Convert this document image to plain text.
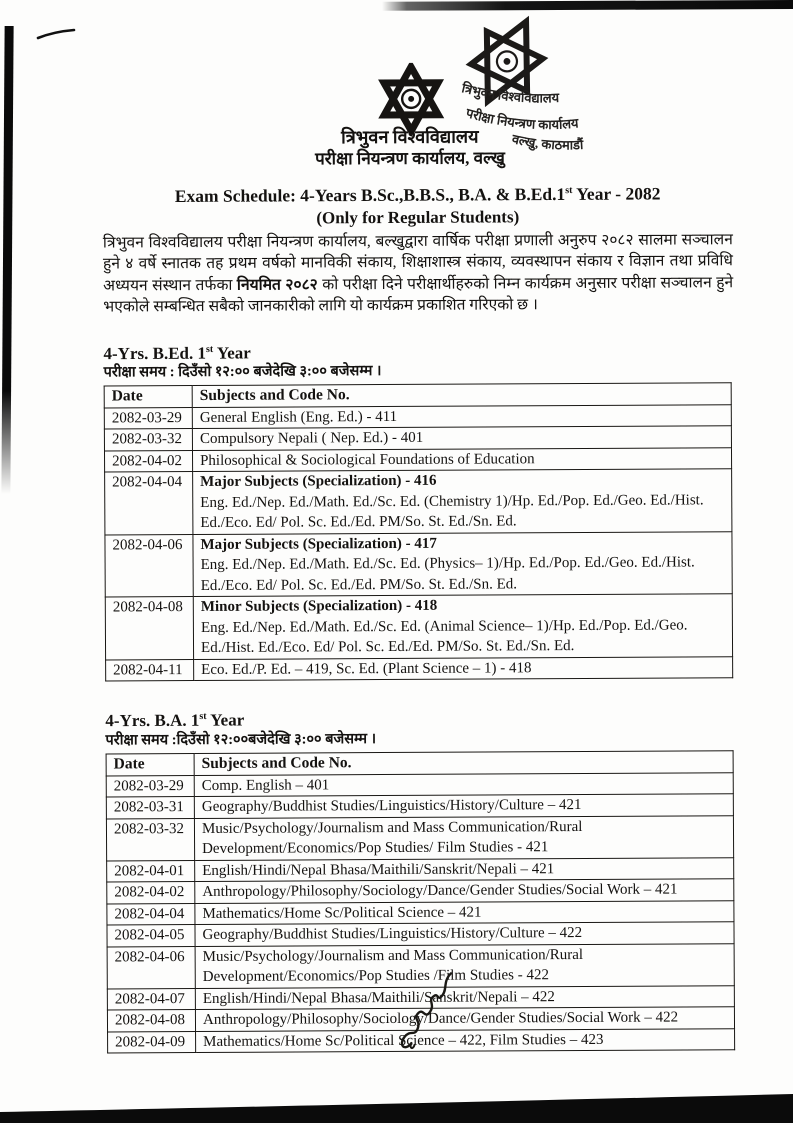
त्रिभुवन विश्वविद्यालय
परीक्षा नियन्त्रण कार्यालय
वल्खु, काठमाडौं
त्रिभुवन विश्वविद्यालय
परीक्षा नियन्त्रण कार्यालय, वल्खु
Exam Schedule: 4-Years B.Sc.,B.B.S., B.A. & B.Ed.1st Year - 2082
(Only for Regular Students)
त्रिभुवन विश्वविद्यालय परीक्षा नियन्त्रण कार्यालय, बल्खुद्वारा वार्षिक परीक्षा प्रणाली अनुरुप २०८२ सालमा सञ्चालन हुने ४ वर्षे स्नातक तह प्रथम वर्षको मानविकी संकाय, शिक्षाशास्त्र संकाय, व्यवस्थापन संकाय र विज्ञान तथा प्रविधि अध्ययन संस्थान तर्फका नियमित २०८२ को परीक्षा दिने परीक्षार्थीहरुको निम्न कार्यक्रम अनुसार परीक्षा सञ्चालन हुने भएकोले सम्बन्धित सबैको जानकारीको लागि यो कार्यक्रम प्रकाशित गरिएको छ ।
4-Yrs. B.Ed. 1st Year
परीक्षा समय : दिउँसो १२:०० बजेदेखि ३:०० बजेसम्म ।
Date	Subjects and Code No.
2082-03-29	General English (Eng. Ed.) - 411
2082-03-32	Compulsory Nepali ( Nep. Ed.) - 401
2082-04-02	Philosophical & Sociological Foundations of Education
2082-04-04	Major Subjects (Specialization) - 416
Eng. Ed./Nep. Ed./Math. Ed./Sc. Ed. (Chemistry 1)/Hp. Ed./Pop. Ed./Geo. Ed./Hist. Ed./Eco. Ed/ Pol. Sc. Ed./Ed. PM/So. St. Ed./Sn. Ed.

2082-04-06	Major Subjects (Specialization) - 417
Eng. Ed./Nep. Ed./Math. Ed./Sc. Ed. (Physics– 1)/Hp. Ed./Pop. Ed./Geo. Ed./Hist. Ed./Eco. Ed/ Pol. Sc. Ed./Ed. PM/So. St. Ed./Sn. Ed.

2082-04-08	Minor Subjects (Specialization) - 418
Eng. Ed./Nep. Ed./Math. Ed./Sc. Ed. (Animal Science– 1)/Hp. Ed./Pop. Ed./Geo. Ed./Hist. Ed./Eco. Ed/ Pol. Sc. Ed./Ed. PM/So. St. Ed./Sn. Ed.

2082-04-11	Eco. Ed./P. Ed. – 419, Sc. Ed. (Plant Science – 1) - 418
4-Yrs. B.A. 1st Year
परीक्षा समय :दिउँसो १२:००बजेदेखि ३:०० बजेसम्म ।
Date	Subjects and Code No.
2082-03-29	Comp. English – 401
2082-03-31	Geography/Buddhist Studies/Linguistics/History/Culture – 421
2082-03-32	Music/Psychology/Journalism and Mass Communication/Rural Development/Economics/Pop Studies/ Film Studies - 421
2082-04-01	English/Hindi/Nepal Bhasa/Maithili/Sanskrit/Nepali – 421
2082-04-02	Anthropology/Philosophy/Sociology/Dance/Gender Studies/Social Work – 421
2082-04-04	Mathematics/Home Sc/Political Science – 421
2082-04-05	Geography/Buddhist Studies/Linguistics/History/Culture – 422
2082-04-06	Music/Psychology/Journalism and Mass Communication/Rural Development/Economics/Pop Studies /Film Studies - 422
2082-04-07	English/Hindi/Nepal Bhasa/Maithili/Sanskrit/Nepali – 422
2082-04-08	Anthropology/Philosophy/Sociology/Dance/Gender Studies/Social Work – 422
2082-04-09	Mathematics/Home Sc/Political Science – 422, Film Studies – 423
